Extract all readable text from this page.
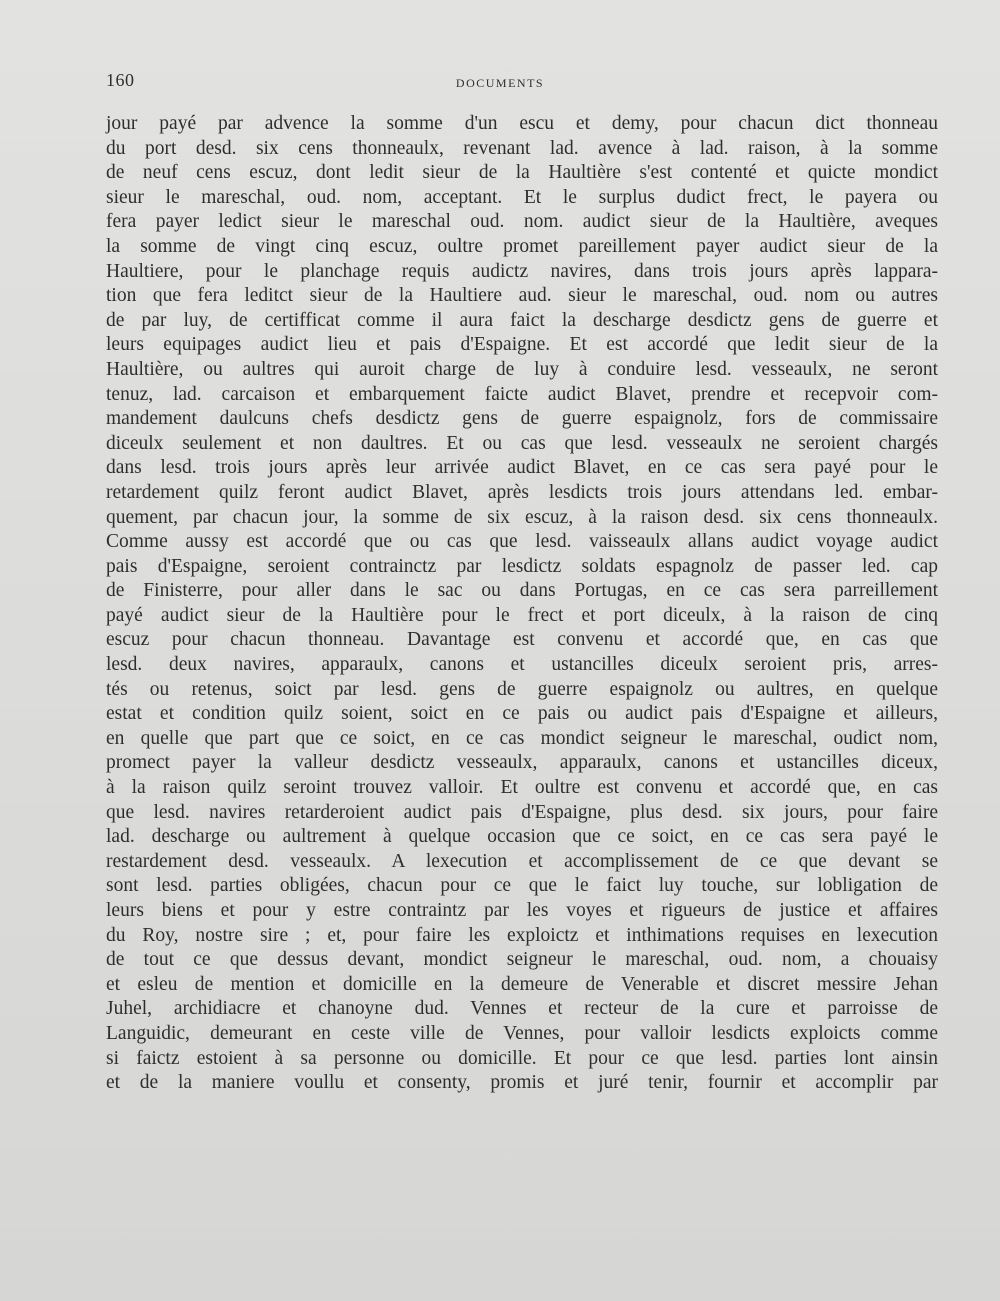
160	DOCUMENTS
jour payé par advence la somme d'un escu et demy, pour chacun dict thonneau
du port desd. six cens thonneaulx, revenant lad. avence à lad. raison, à la somme
de neuf cens escuz, dont ledit sieur de la Haultière s'est contenté et quicte mondict
sieur le mareschal, oud. nom, acceptant. Et le surplus dudict frect, le payera ou
fera payer ledict sieur le mareschal oud. nom. audict sieur de la Haultière, aveques
la somme de vingt cinq escuz, oultre promet pareillement payer audict sieur de la
Haultiere, pour le planchage requis audictz navires, dans trois jours après lappara-
tion que fera leditct sieur de la Haultiere aud. sieur le mareschal, oud. nom ou autres
de par luy, de certifficat comme il aura faict la descharge desdictz gens de guerre et
leurs equipages audict lieu et pais d'Espaigne. Et est accordé que ledit sieur de la
Haultière, ou aultres qui auroit charge de luy à conduire lesd. vesseaulx, ne seront
tenuz, lad. carcaison et embarquement faicte audict Blavet, prendre et recepvoir com-
mandement daulcuns chefs desdictz gens de guerre espaignolz, fors de commissaire
diceulx seulement et non daultres. Et ou cas que lesd. vesseaulx ne seroient chargés
dans lesd. trois jours après leur arrivée audict Blavet, en ce cas sera payé pour le
retardement quilz feront audict Blavet, après lesdicts trois jours attendans led. embar-
quement, par chacun jour, la somme de six escuz, à la raison desd. six cens thonneaulx.
Comme aussy est accordé que ou cas que lesd. vaisseaulx allans audict voyage audict
pais d'Espaigne, seroient contrainctz par lesdictz soldats espagnolz de passer led. cap
de Finisterre, pour aller dans le sac ou dans Portugas, en ce cas sera parreillement
payé audict sieur de la Haultière pour le frect et port diceulx, à la raison de cinq
escuz pour chacun thonneau. Davantage est convenu et accordé que, en cas que
lesd. deux navires, apparaulx, canons et ustancilles diceulx seroient pris, arres-
tés ou retenus, soict par lesd. gens de guerre espaignolz ou aultres, en quelque
estat et condition quilz soient, soict en ce pais ou audict pais d'Espaigne et ailleurs,
en quelle que part que ce soict, en ce cas mondict seigneur le mareschal, oudict nom,
promect payer la valleur desdictz vesseaulx, apparaulx, canons et ustancilles diceux,
à la raison quilz seroint trouvez valloir. Et oultre est convenu et accordé que, en cas
que lesd. navires retarderoient audict pais d'Espaigne, plus desd. six jours, pour faire
lad. descharge ou aultrement à quelque occasion que ce soict, en ce cas sera payé le
restardement desd. vesseaulx. A lexecution et accomplissement de ce que devant se
sont lesd. parties obligées, chacun pour ce que le faict luy touche, sur lobligation de
leurs biens et pour y estre contraintz par les voyes et rigueurs de justice et affaires
du Roy, nostre sire ; et, pour faire les exploictz et inthimations requises en lexecution
de tout ce que dessus devant, mondict seigneur le mareschal, oud. nom, a chouaisy
et esleu de mention et domicille en la demeure de Venerable et discret messire Jehan
Juhel, archidiacre et chanoyne dud. Vennes et recteur de la cure et parroisse de
Languidic, demeurant en ceste ville de Vennes, pour valloir lesdicts exploicts comme
si faictz estoient à sa personne ou domicille. Et pour ce que lesd. parties lont ainsin
et de la maniere voullu et consenty, promis et juré tenir, fournir et accomplir par
